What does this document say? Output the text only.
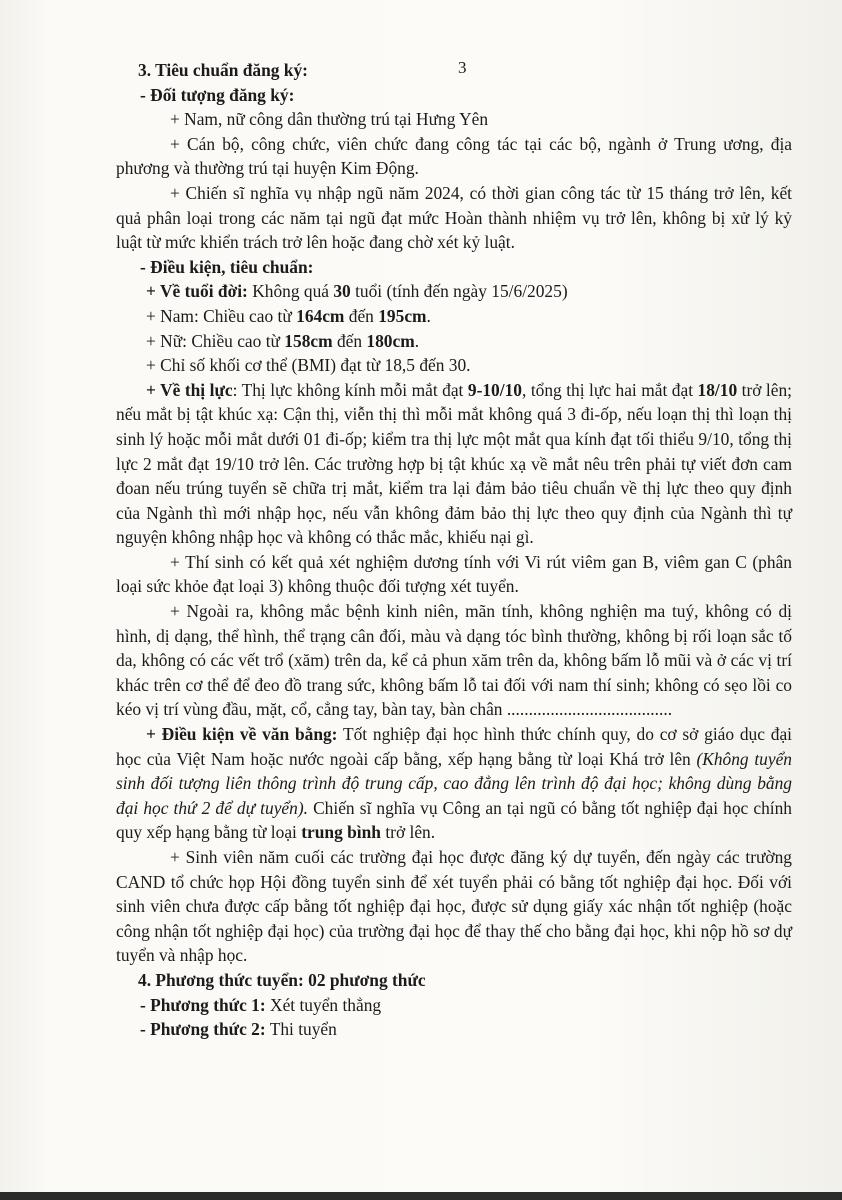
3

3. Tiêu chuẩn đăng ký:

- Đối tượng đăng ký:

+ Nam, nữ công dân thường trú tại Hưng Yên

+ Cán bộ, công chức, viên chức đang công tác tại các bộ, ngành ở Trung ương, địa phương và thường trú tại huyện Kim Động.

+ Chiến sĩ nghĩa vụ nhập ngũ năm 2024, có thời gian công tác từ 15 tháng trở lên, kết quả phân loại trong các năm tại ngũ đạt mức Hoàn thành nhiệm vụ trở lên, không bị xử lý kỷ luật từ mức khiển trách trở lên hoặc đang chờ xét kỷ luật.

- Điều kiện, tiêu chuẩn:

+ Về tuổi đời: Không quá 30 tuổi (tính đến ngày 15/6/2025)

+ Nam: Chiều cao từ 164cm đến 195cm.

+ Nữ: Chiều cao từ 158cm đến 180cm.

+ Chỉ số khối cơ thể (BMI) đạt từ 18,5 đến 30.

+ Về thị lực: Thị lực không kính mỗi mắt đạt 9-10/10, tổng thị lực hai mắt đạt 18/10 trở lên; nếu mắt bị tật khúc xạ: Cận thị, viễn thị thì mỗi mắt không quá 3 đi-ốp, nếu loạn thị thì loạn thị sinh lý hoặc mỗi mắt dưới 01 đi-ốp; kiểm tra thị lực một mắt qua kính đạt tối thiểu 9/10, tổng thị lực 2 mắt đạt 19/10 trở lên. Các trường hợp bị tật khúc xạ về mắt nêu trên phải tự viết đơn cam đoan nếu trúng tuyển sẽ chữa trị mắt, kiểm tra lại đảm bảo tiêu chuẩn về thị lực theo quy định của Ngành thì mới nhập học, nếu vẫn không đảm bảo thị lực theo quy định của Ngành thì tự nguyện không nhập học và không có thắc mắc, khiếu nại gì.

+ Thí sinh có kết quả xét nghiệm dương tính với Vi rút viêm gan B, viêm gan C (phân loại sức khỏe đạt loại 3) không thuộc đối tượng xét tuyển.

+ Ngoài ra, không mắc bệnh kinh niên, mãn tính, không nghiện ma tuý, không có dị hình, dị dạng, thể hình, thể trạng cân đối, màu và dạng tóc bình thường, không bị rối loạn sắc tố da, không có các vết trổ (xăm) trên da, kể cả phun xăm trên da, không bấm lỗ mũi và ở các vị trí khác trên cơ thể để đeo đồ trang sức, không bấm lỗ tai đối với nam thí sinh; không có sẹo lồi co kéo vị trí vùng đầu, mặt, cổ, cẳng tay, bàn tay, bàn chân ......................................

+ Điều kiện về văn bằng: Tốt nghiệp đại học hình thức chính quy, do cơ sở giáo dục đại học của Việt Nam hoặc nước ngoài cấp bằng, xếp hạng bằng từ loại Khá trở lên (Không tuyển sinh đối tượng liên thông trình độ trung cấp, cao đẳng lên trình độ đại học; không dùng bằng đại học thứ 2 để dự tuyển). Chiến sĩ nghĩa vụ Công an tại ngũ có bằng tốt nghiệp đại học chính quy xếp hạng bằng từ loại trung bình trở lên.

+ Sinh viên năm cuối các trường đại học được đăng ký dự tuyển, đến ngày các trường CAND tổ chức họp Hội đồng tuyển sinh để xét tuyển phải có bằng tốt nghiệp đại học. Đối với sinh viên chưa được cấp bằng tốt nghiệp đại học, được sử dụng giấy xác nhận tốt nghiệp (hoặc công nhận tốt nghiệp đại học) của trường đại học để thay thế cho bằng đại học, khi nộp hồ sơ dự tuyển và nhập học.

4. Phương thức tuyển: 02 phương thức

- Phương thức 1: Xét tuyển thẳng

- Phương thức 2: Thi tuyển
